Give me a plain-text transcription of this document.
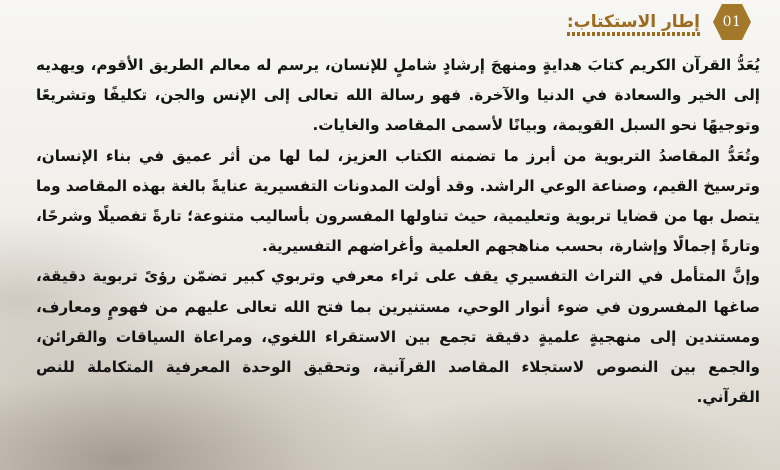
01
إطار الاستكتاب:

يُعَدُّ القرآن الكريم كتابَ هدايةٍ ومنهجَ إرشادٍ شاملٍ للإنسان، يرسم له معالم الطريق الأقوم، ويهديه إلى الخير والسعادة في الدنيا والآخرة. فهو رسالة الله تعالى إلى الإنس والجن، تكليفًا وتشريعًا وتوجيهًا نحو السبل القويمة، وبيانًا لأسمى المقاصد والغايات.

وتُعَدُّ المقاصدُ التربوية من أبرز ما تضمنه الكتاب العزيز، لما لها من أثر عميق في بناء الإنسان، وترسيخ القيم، وصناعة الوعي الراشد. وقد أولت المدونات التفسيرية عنايةً بالغة بهذه المقاصد وما يتصل بها من قضايا تربوية وتعليمية، حيث تناولها المفسرون بأساليب متنوعة؛ تارةً تفصيلًا وشرحًا، وتارةً إجمالًا وإشارة، بحسب مناهجهم العلمية وأغراضهم التفسيرية.

وإنَّ المتأمل في التراث التفسيري يقف على ثراء معرفي وتربوي كبير تضمّن رؤىً تربوية دقيقة، صاغها المفسرون في ضوء أنوار الوحي، مستنيرين بما فتح الله تعالى عليهم من فهومٍ ومعارف، ومستندين إلى منهجيةٍ علميةٍ دقيقة تجمع بين الاستقراء اللغوي، ومراعاة السياقات والقرائن، والجمع بين النصوص لاستجلاء المقاصد القرآنية، وتحقيق الوحدة المعرفية المتكاملة للنص القرآني.
